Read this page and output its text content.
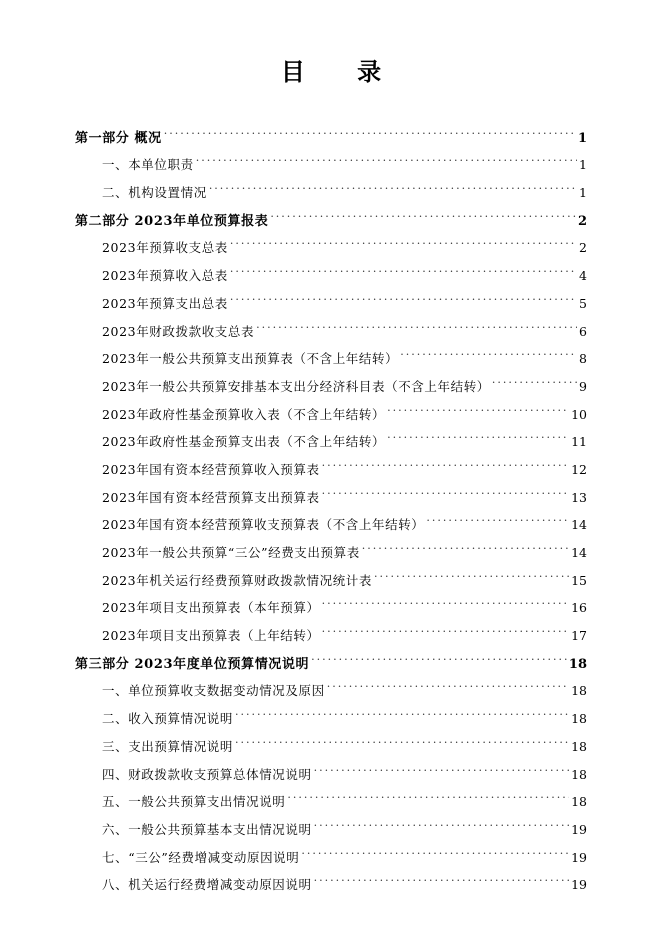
目 录
第一部分 概况 .....	1
一、本单位职责 .....	1
二、机构设置情况 .....	1
第二部分 2023年单位预算报表 .....	2
2023年预算收支总表 .....	2
2023年预算收入总表 .....	4
2023年预算支出总表 .....	5
2023年财政拨款收支总表 .....	6
2023年一般公共预算支出预算表（不含上年结转） .....	8
2023年一般公共预算安排基本支出分经济科目表（不含上年结转） .....	9
2023年政府性基金预算收入表（不含上年结转） .....	10
2023年政府性基金预算支出表（不含上年结转） .....	11
2023年国有资本经营预算收入预算表 .....	12
2023年国有资本经营预算支出预算表 .....	13
2023年国有资本经营预算收支预算表（不含上年结转） .....	14
2023年一般公共预算“三公”经费支出预算表 .....	14
2023年机关运行经费预算财政拨款情况统计表 .....	15
2023年项目支出预算表（本年预算） .....	16
2023年项目支出预算表（上年结转） .....	17
第三部分 2023年度单位预算情况说明 .....	18
一、单位预算收支数据变动情况及原因 .....	18
二、收入预算情况说明 .....	18
三、支出预算情况说明 .....	18
四、财政拨款收支预算总体情况说明 .....	18
五、一般公共预算支出情况说明 .....	18
六、一般公共预算基本支出情况说明 .....	19
七、“三公”经费增减变动原因说明 .....	19
八、机关运行经费增减变动原因说明 .....	19
